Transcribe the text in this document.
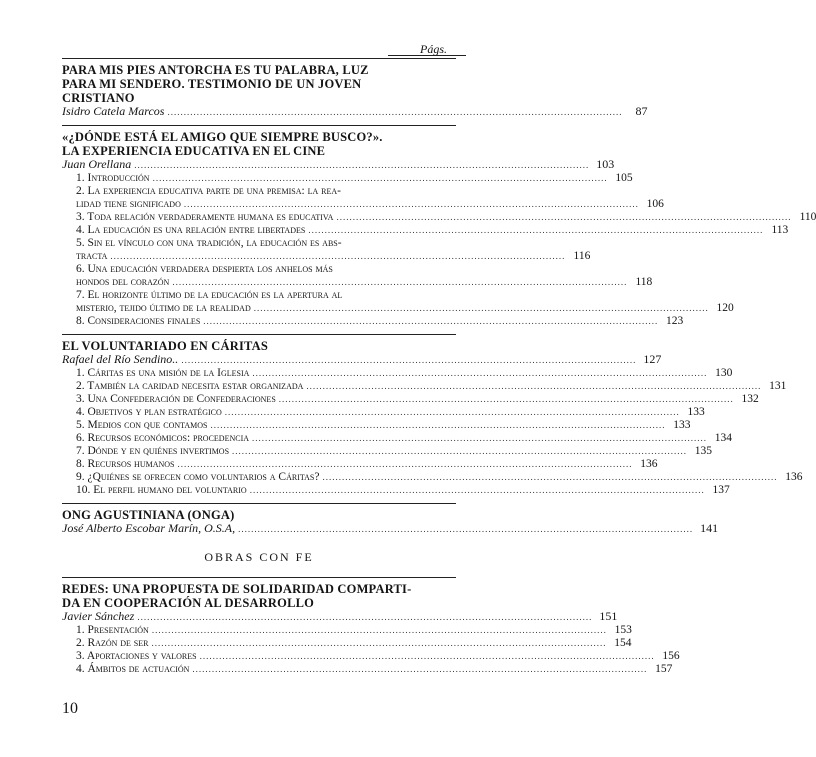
Págs.
PARA MIS PIES ANTORCHA ES TU PALABRA, LUZ
PARA MI SENDERO. TESTIMONIO DE UN JOVEN
CRISTIANO
Isidro Catela Marcos ............................................................................................................................................	87
«¿DÓNDE ESTÁ EL AMIGO QUE SIEMPRE BUSCO?».
LA EXPERIENCIA EDUCATIVA EN EL CINE
Juan Orellana ............................................................................................................................................ 103
1. Introducción ............................................................................................................................................ 105
2. La experiencia educativa parte de una premisa: la rea-
lidad tiene significado ............................................................................................................................................ 106
3. Toda relación verdaderamente humana es educativa ............................................................................................................................................ 110
4. La educación es una relación entre libertades ............................................................................................................................................ 113
5. Sin el vínculo con una tradición, la educación es abs-
tracta ............................................................................................................................................ 116
6. Una educación verdadera despierta los anhelos más
hondos del corazón ............................................................................................................................................ 118
7. El horizonte último de la educación es la apertura al
misterio, tejido último de la realidad ............................................................................................................................................ 120
8. Consideraciones finales ............................................................................................................................................ 123
EL VOLUNTARIADO EN CÁRITAS
Rafael del Río Sendino.. ............................................................................................................................................ 127
1. Cáritas es una misión de la Iglesia ............................................................................................................................................ 130
2. También la caridad necesita estar organizada ............................................................................................................................................ 131
3. Una Confederación de Confederaciones ............................................................................................................................................ 132
4. Objetivos y plan estratégico ............................................................................................................................................ 133
5. Medios con que contamos ............................................................................................................................................ 133
6. Recursos económicos: procedencia ............................................................................................................................................ 134
7. Dónde y en quiénes invertimos ............................................................................................................................................ 135
8. Recursos humanos ............................................................................................................................................ 136
9. ¿Quiénes se ofrecen como voluntarios a Cáritas? ............................................................................................................................................ 136
10. El perfil humano del voluntario ............................................................................................................................................ 137
ONG AGUSTINIANA (ONGA)
José Alberto Escobar Marín, O.S.A, ............................................................................................................................................ 141
OBRAS CON FE
REDES: UNA PROPUESTA DE SOLIDARIDAD COMPARTI-
DA EN COOPERACIÓN AL DESARROLLO
Javier Sánchez ............................................................................................................................................ 151
1. Presentación ............................................................................................................................................ 153
2. Razón de ser ............................................................................................................................................ 154
3. Aportaciones y valores ............................................................................................................................................ 156
4. Ámbitos de actuación ............................................................................................................................................ 157
10
